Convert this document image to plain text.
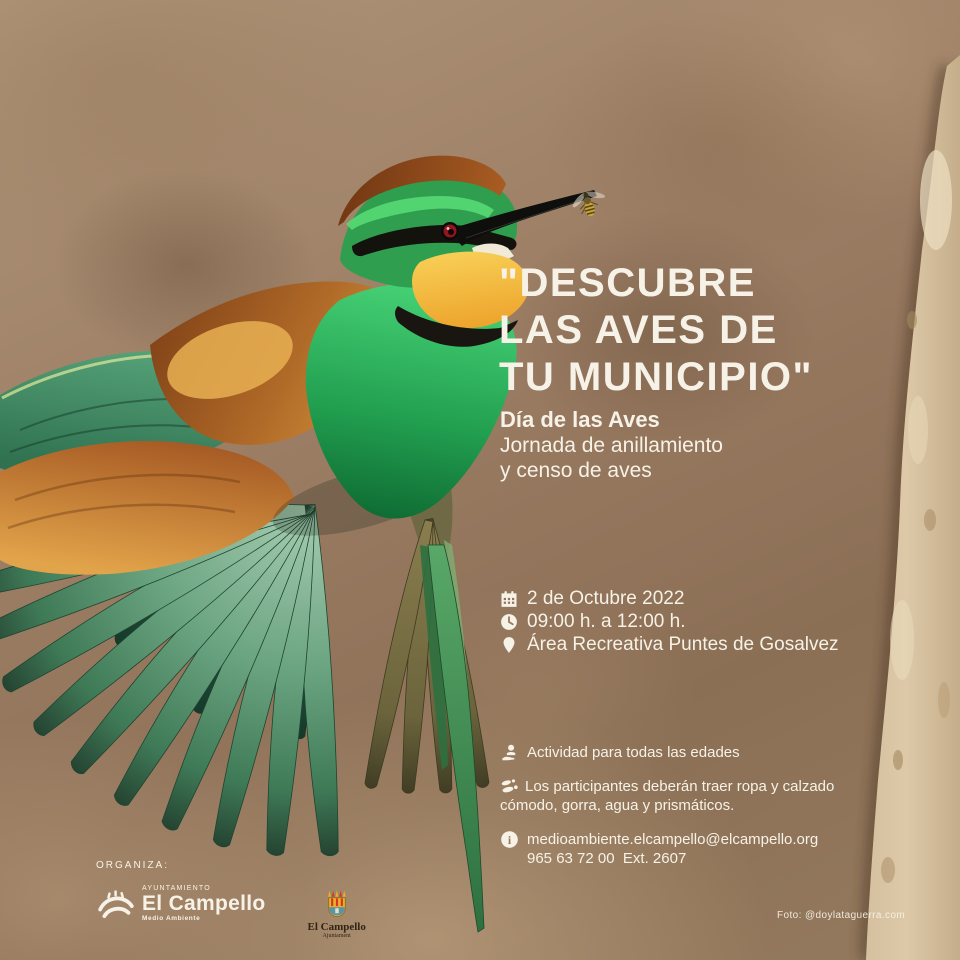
"DESCUBRE
LAS AVES DE
TU MUNICIPIO"
Día de las Aves
Jornada de anillamiento
y censo de aves
2 de Octubre 2022
09:00 h. a 12:00 h.
Área Recreativa Puntes de Gosalvez
Actividad para todas las edades
Los participantes deberán traer ropa y calzado
cómodo, gorra, agua y prismáticos.
i medioambiente.elcampello@elcampello.org
965 63 72 00  Ext. 2607
ORGANIZA:
AYUNTAMIENTO
El Campello
Medio Ambiente
El Campello
Ajuntament
Foto: @doylataguerra.com
